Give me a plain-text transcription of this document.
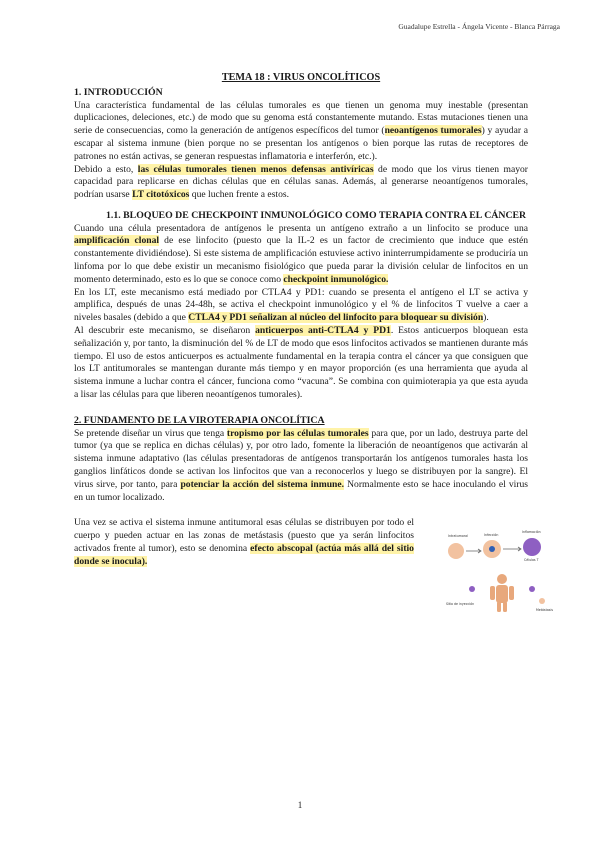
Guadalupe Estrella - Ángela Vicente - Blanca Párraga
TEMA 18 : VIRUS ONCOLÍTICOS
1. INTRODUCCIÓN

Una característica fundamental de las células tumorales es que tienen un genoma muy inestable (presentan duplicaciones, deleciones, etc.) de modo que su genoma está constantemente mutando. Estas mutaciones tienen una serie de consecuencias, como la generación de antígenos específicos del tumor (neoantígenos tumorales) y ayudar a escapar al sistema inmune (bien porque no se presentan los antígenos o bien porque las rutas de receptores de patrones no están activas, se generan respuestas inflamatoria e interferón, etc.).

Debido a esto, las células tumorales tienen menos defensas antivíricas de modo que los virus tienen mayor capacidad para replicarse en dichas células que en células sanas. Además, al generarse neoantígenos tumorales, podrían usarse LT citotóxicos que luchen frente a estos.

1.1. BLOQUEO DE CHECKPOINT INMUNOLÓGICO COMO TERAPIA CONTRA EL CÁNCER

Cuando una célula presentadora de antígenos le presenta un antígeno extraño a un linfocito se produce una amplificación clonal de ese linfocito (puesto que la IL-2 es un factor de crecimiento que induce que estén constantemente dividiéndose). Si este sistema de amplificación estuviese activo ininterrumpidamente se produciría un linfoma por lo que debe existir un mecanismo fisiológico que pueda parar la división celular de linfocitos en un momento determinado, esto es lo que se conoce como checkpoint inmunológico.

En los LT, este mecanismo está mediado por CTLA4 y PD1: cuando se presenta el antígeno el LT se activa y amplifica, después de unas 24-48h, se activa el checkpoint inmunológico y el % de linfocitos T vuelve a caer a niveles basales (debido a que CTLA4 y PD1 señalizan al núcleo del linfocito para bloquear su división).

Al descubrir este mecanismo, se diseñaron anticuerpos anti-CTLA4 y PD1. Estos anticuerpos bloquean esta señalización y, por tanto, la disminución del % de LT de modo que esos linfocitos activados se mantienen durante más tiempo. El uso de estos anticuerpos es actualmente fundamental en la terapia contra el cáncer ya que consiguen que los LT antitumorales se mantengan durante más tiempo y en mayor proporción (es una herramienta que ayuda al sistema inmune a luchar contra el cáncer, funciona como “vacuna”. Se combina con quimioterapia ya que esta ayuda a lisar las células para que liberen neoantígenos tumorales).

2. FUNDAMENTO DE LA VIROTERAPIA ONCOLÍTICA

Se pretende diseñar un virus que tenga tropismo por las células tumorales para que, por un lado, destruya parte del tumor (ya que se replica en dichas células) y, por otro lado, fomente la liberación de neoantígenos que activarán al sistema inmune adaptativo (las células presentadoras de antígenos transportarán los antígenos tumorales hasta los ganglios linfáticos donde se activan los linfocitos que van a reconocerlos y luego se distribuyen por la sangre). El virus sirve, por tanto, para potenciar la acción del sistema inmune. Normalmente esto se hace inoculando el virus en un tumor localizado.

Una vez se activa el sistema inmune antitumoral esas células se distribuyen por todo el cuerpo y pueden actuar en las zonas de metástasis (puesto que ya serán linfocitos activados frente al tumor), esto se denomina efecto abscopal (actúa más allá del sitio donde se inocula).

Intratumoral	Infección
Inflamación
Células T
Metástasis
Sitio de inyección
1
